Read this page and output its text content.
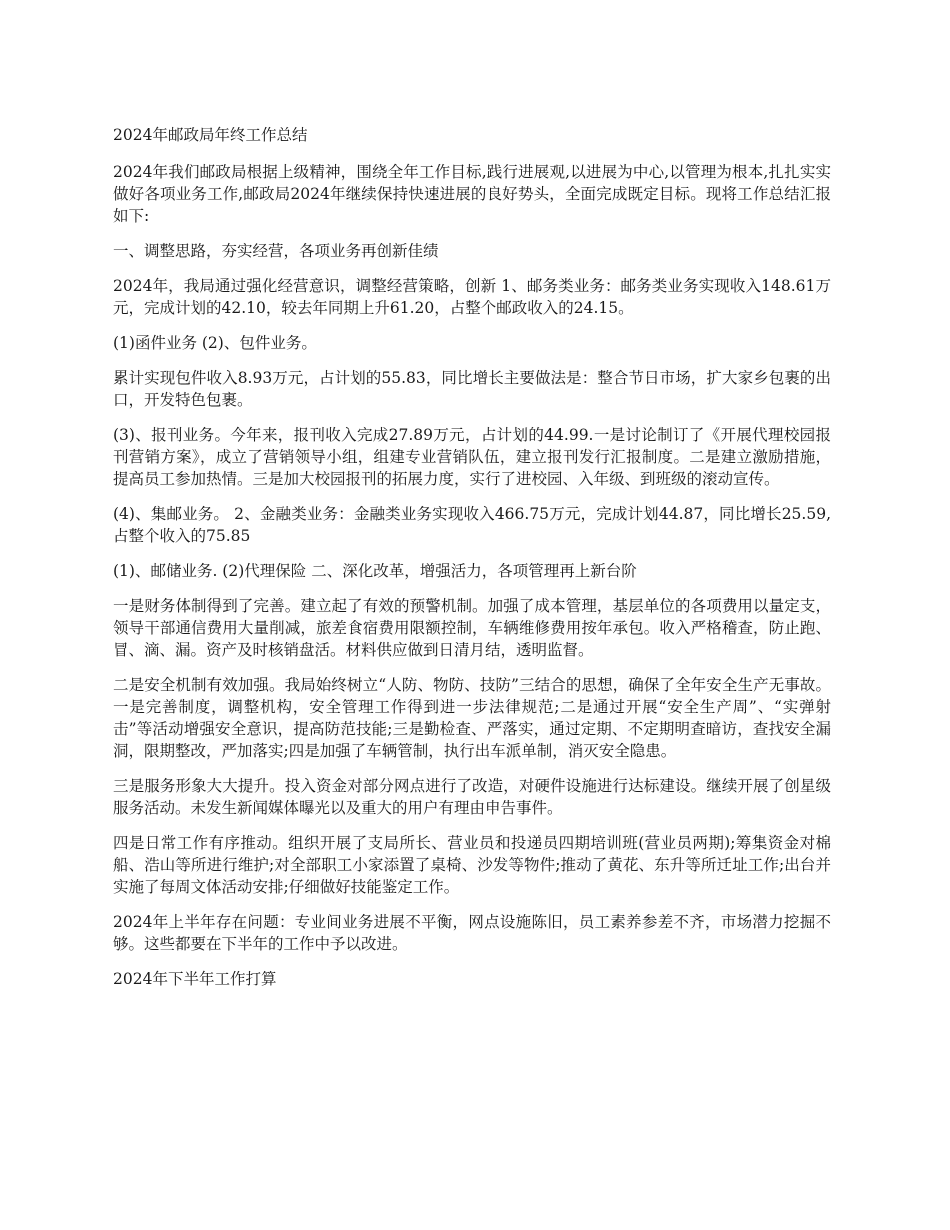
2024年邮政局年终工作总结

2024年我们邮政局根据上级精神，围绕全年工作目标,践行进展观,以进展为中心,以管理为根本,扎扎实实做好各项业务工作,邮政局2024年继续保持快速进展的良好势头，全面完成既定目标。现将工作总结汇报如下:

一、调整思路，夯实经营，各项业务再创新佳绩

2024年，我局通过强化经营意识，调整经营策略，创新 1、邮务类业务：邮务类业务实现收入148.61万元，完成计划的42.10，较去年同期上升61.20，占整个邮政收入的24.15。

(1)函件业务 (2)、包件业务。

累计实现包件收入8.93万元，占计划的55.83，同比增长主要做法是：整合节日市场，扩大家乡包裹的出口，开发特色包裹。

(3)、报刊业务。今年来，报刊收入完成27.89万元，占计划的44.99.一是讨论制订了《开展代理校园报刊营销方案》，成立了营销领导小组，组建专业营销队伍，建立报刊发行汇报制度。二是建立激励措施，提高员工参加热情。三是加大校园报刊的拓展力度，实行了进校园、入年级、到班级的滚动宣传。

(4)、集邮业务。 2、金融类业务：金融类业务实现收入466.75万元，完成计划44.87，同比增长25.59,占整个收入的75.85

(1)、邮储业务. (2)代理保险 二、深化改革，增强活力，各项管理再上新台阶

一是财务体制得到了完善。建立起了有效的预警机制。加强了成本管理，基层单位的各项费用以量定支，领导干部通信费用大量削减，旅差食宿费用限额控制，车辆维修费用按年承包。收入严格稽查，防止跑、冒、滴、漏。资产及时核销盘活。材料供应做到日清月结，透明监督。

二是安全机制有效加强。我局始终树立“人防、物防、技防”三结合的思想，确保了全年安全生产无事故。一是完善制度，调整机构，安全管理工作得到进一步法律规范;二是通过开展“安全生产周”、“实弹射击”等活动增强安全意识，提高防范技能;三是勤检查、严落实，通过定期、不定期明查暗访，查找安全漏洞，限期整改，严加落实;四是加强了车辆管制，执行出车派单制，消灭安全隐患。

三是服务形象大大提升。投入资金对部分网点进行了改造，对硬件设施进行达标建设。继续开展了创星级服务活动。未发生新闻媒体曝光以及重大的用户有理由申告事件。

四是日常工作有序推动。组织开展了支局所长、营业员和投递员四期培训班(营业员两期);筹集资金对棉船、浩山等所进行维护;对全部职工小家添置了桌椅、沙发等物件;推动了黄花、东升等所迁址工作;出台并实施了每周文体活动安排;仔细做好技能鉴定工作。

2024年上半年存在问题：专业间业务进展不平衡，网点设施陈旧，员工素养参差不齐，市场潜力挖掘不够。这些都要在下半年的工作中予以改进。

2024年下半年工作打算
